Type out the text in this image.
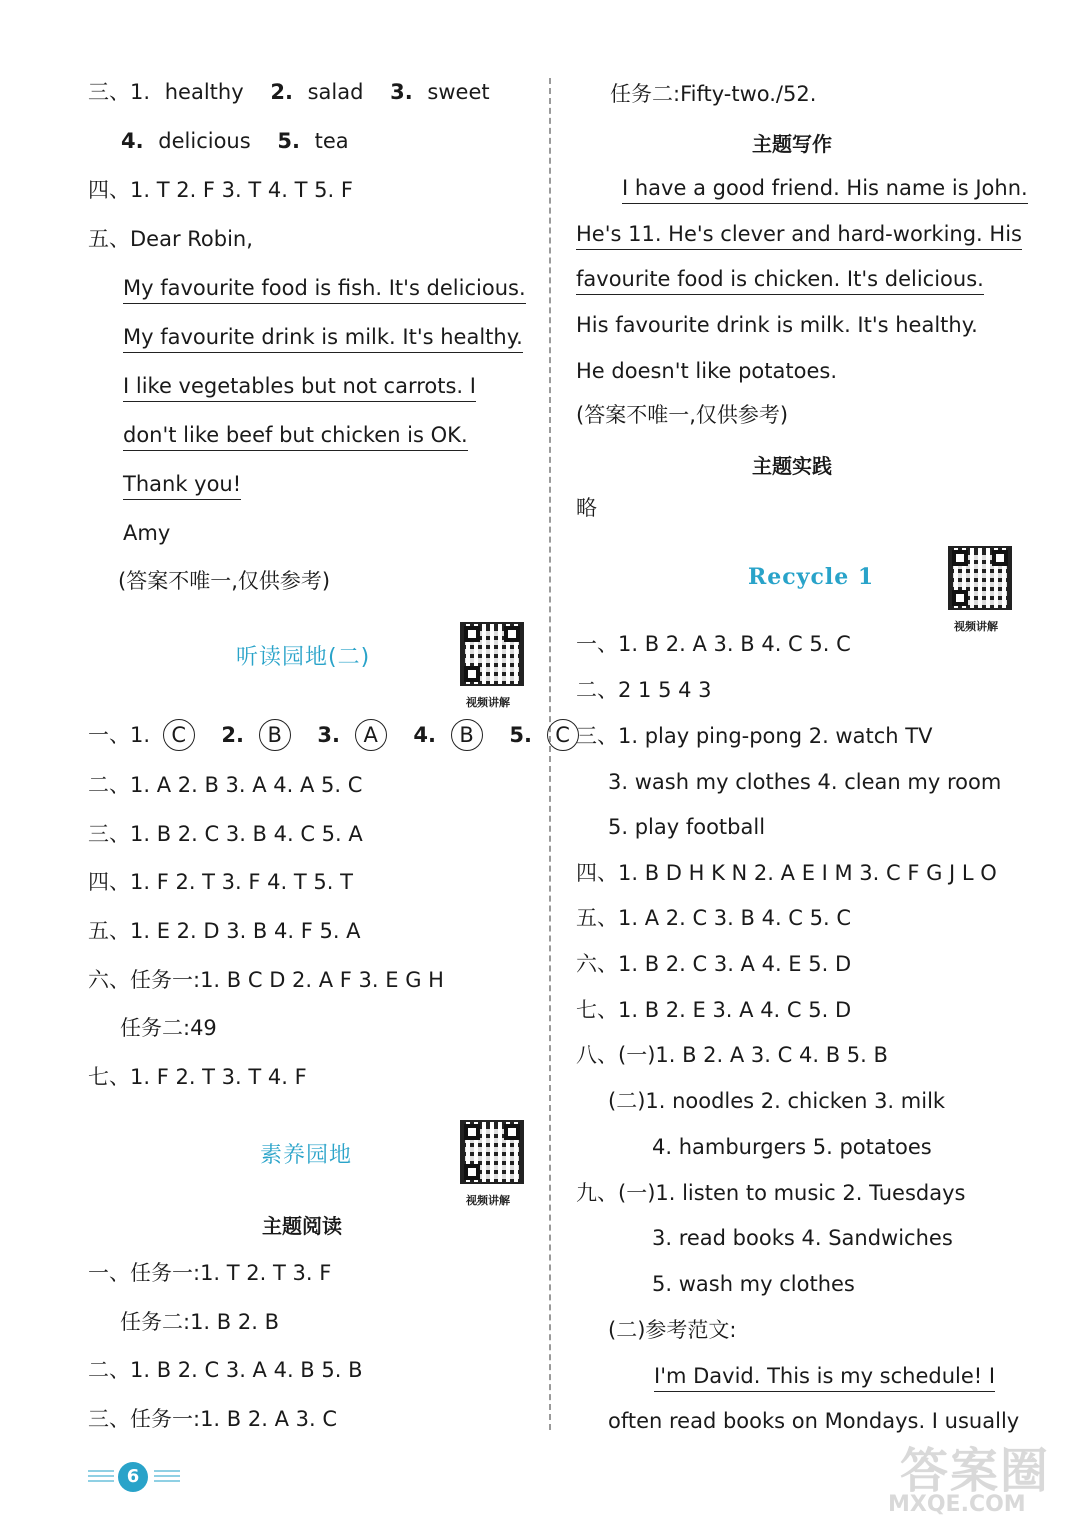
三、1. healthy 2. salad 3. sweet
4. delicious 5. tea
四、1. T 2. F 3. T 4. T 5. F
五、Dear Robin,
My favourite food is fish. It's delicious.
My favourite drink is milk. It's healthy.
I like vegetables but not carrots. I
don't like beef but chicken is OK.
Thank you!
Amy
(答案不唯一,仅供参考)
听读园地(二)
视频讲解
一、1. C 2. B 3. A 4. B 5. C
二、1. A 2. B 3. A 4. A 5. C
三、1. B 2. C 3. B 4. C 5. A
四、1. F 2. T 3. F 4. T 5. T
五、1. E 2. D 3. B 4. F 5. A
六、任务一:1. B C D 2. A F 3. E G H
任务二:49
七、1. F 2. T 3. T 4. F
素养园地
视频讲解
主题阅读
一、任务一:1. T 2. T 3. F
任务二:1. B 2. B
二、1. B 2. C 3. A 4. B 5. B
三、任务一:1. B 2. A 3. C
6
任务二:Fifty-two./52.
主题写作
I have a good friend. His name is John.
He's 11. He's clever and hard-working. His
favourite food is chicken. It's delicious.
His favourite drink is milk. It's healthy.
He doesn't like potatoes.
(答案不唯一,仅供参考)
主题实践
略
Recycle 1
视频讲解
一、1. B 2. A 3. B 4. C 5. C
二、2 1 5 4 3
三、1. play ping-pong 2. watch TV
3. wash my clothes 4. clean my room
5. play football
四、1. B D H K N 2. A E I M 3. C F G J L O
五、1. A 2. C 3. B 4. C 5. C
六、1. B 2. C 3. A 4. E 5. D
七、1. B 2. E 3. A 4. C 5. D
八、(一)1. B 2. A 3. C 4. B 5. B
(二)1. noodles 2. chicken 3. milk
4. hamburgers 5. potatoes
九、(一)1. listen to music 2. Tuesdays
3. read books 4. Sandwiches
5. wash my clothes
(二)参考范文:
I'm David. This is my schedule! I
often read books on Mondays. I usually
答案圈
MXQE.COM
